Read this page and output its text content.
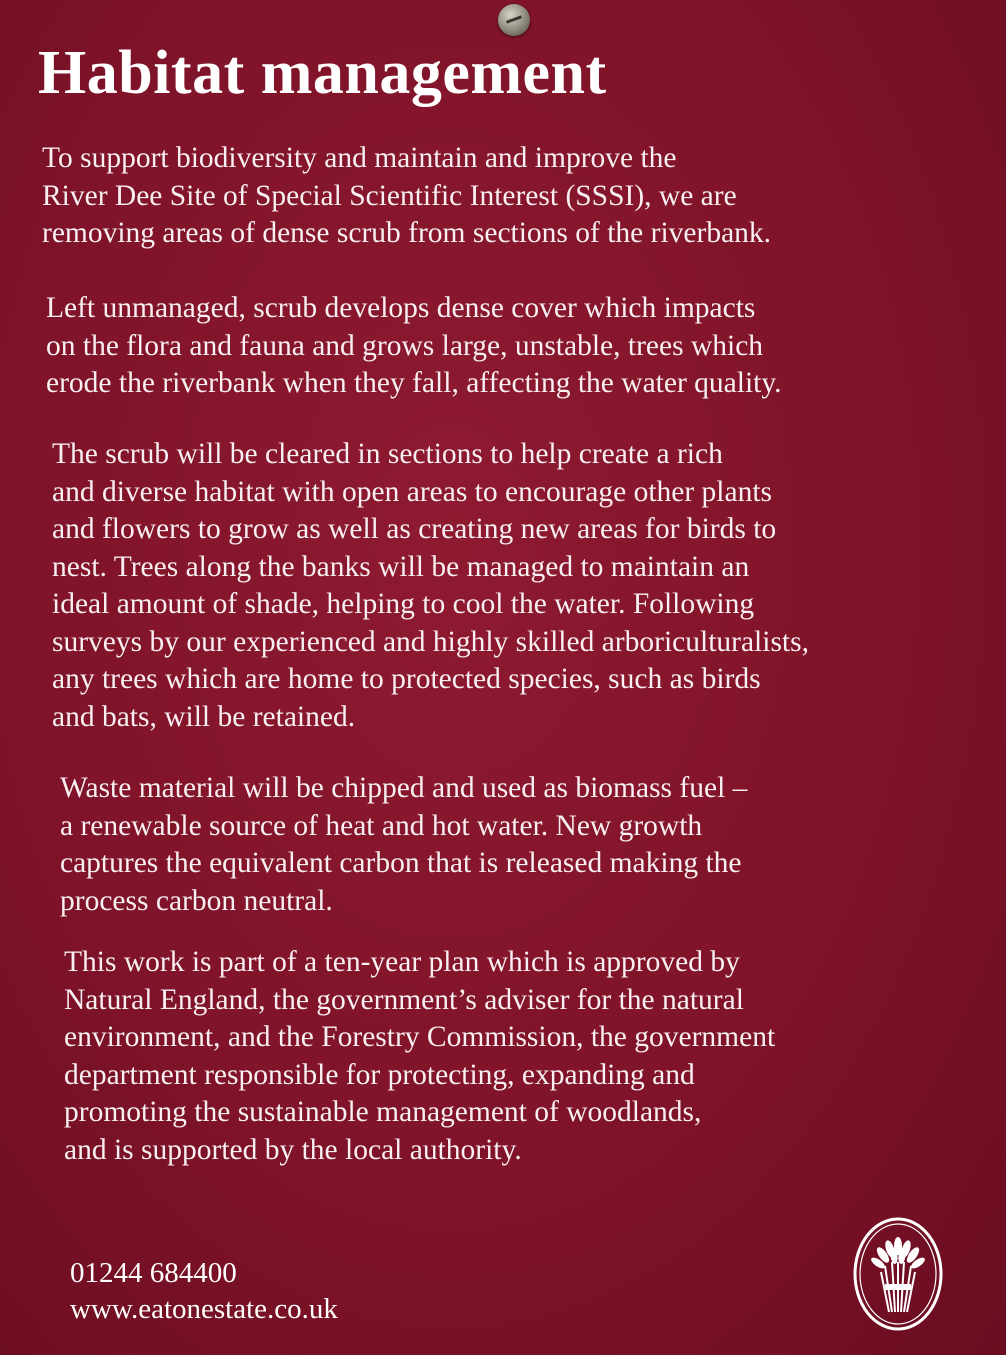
Habitat management

To support biodiversity and maintain and improve the
River Dee Site of Special Scientific Interest (SSSI), we are
removing areas of dense scrub from sections of the riverbank.

Left unmanaged, scrub develops dense cover which impacts
on the flora and fauna and grows large, unstable, trees which
erode the riverbank when they fall, affecting the water quality.

The scrub will be cleared in sections to help create a rich
and diverse habitat with open areas to encourage other plants
and flowers to grow as well as creating new areas for birds to
nest. Trees along the banks will be managed to maintain an
ideal amount of shade, helping to cool the water. Following
surveys by our experienced and highly skilled arboriculturalists,
any trees which are home to protected species, such as birds
and bats, will be retained.

Waste material will be chipped and used as biomass fuel –
a renewable source of heat and hot water. New growth
captures the equivalent carbon that is released making the
process carbon neutral.

This work is part of a ten-year plan which is approved by
Natural England, the government’s adviser for the natural
environment, and the Forestry Commission, the government
department responsible for protecting, expanding and
promoting the sustainable management of woodlands,
and is supported by the local authority.

01244 684400
www.eatonestate.co.uk
